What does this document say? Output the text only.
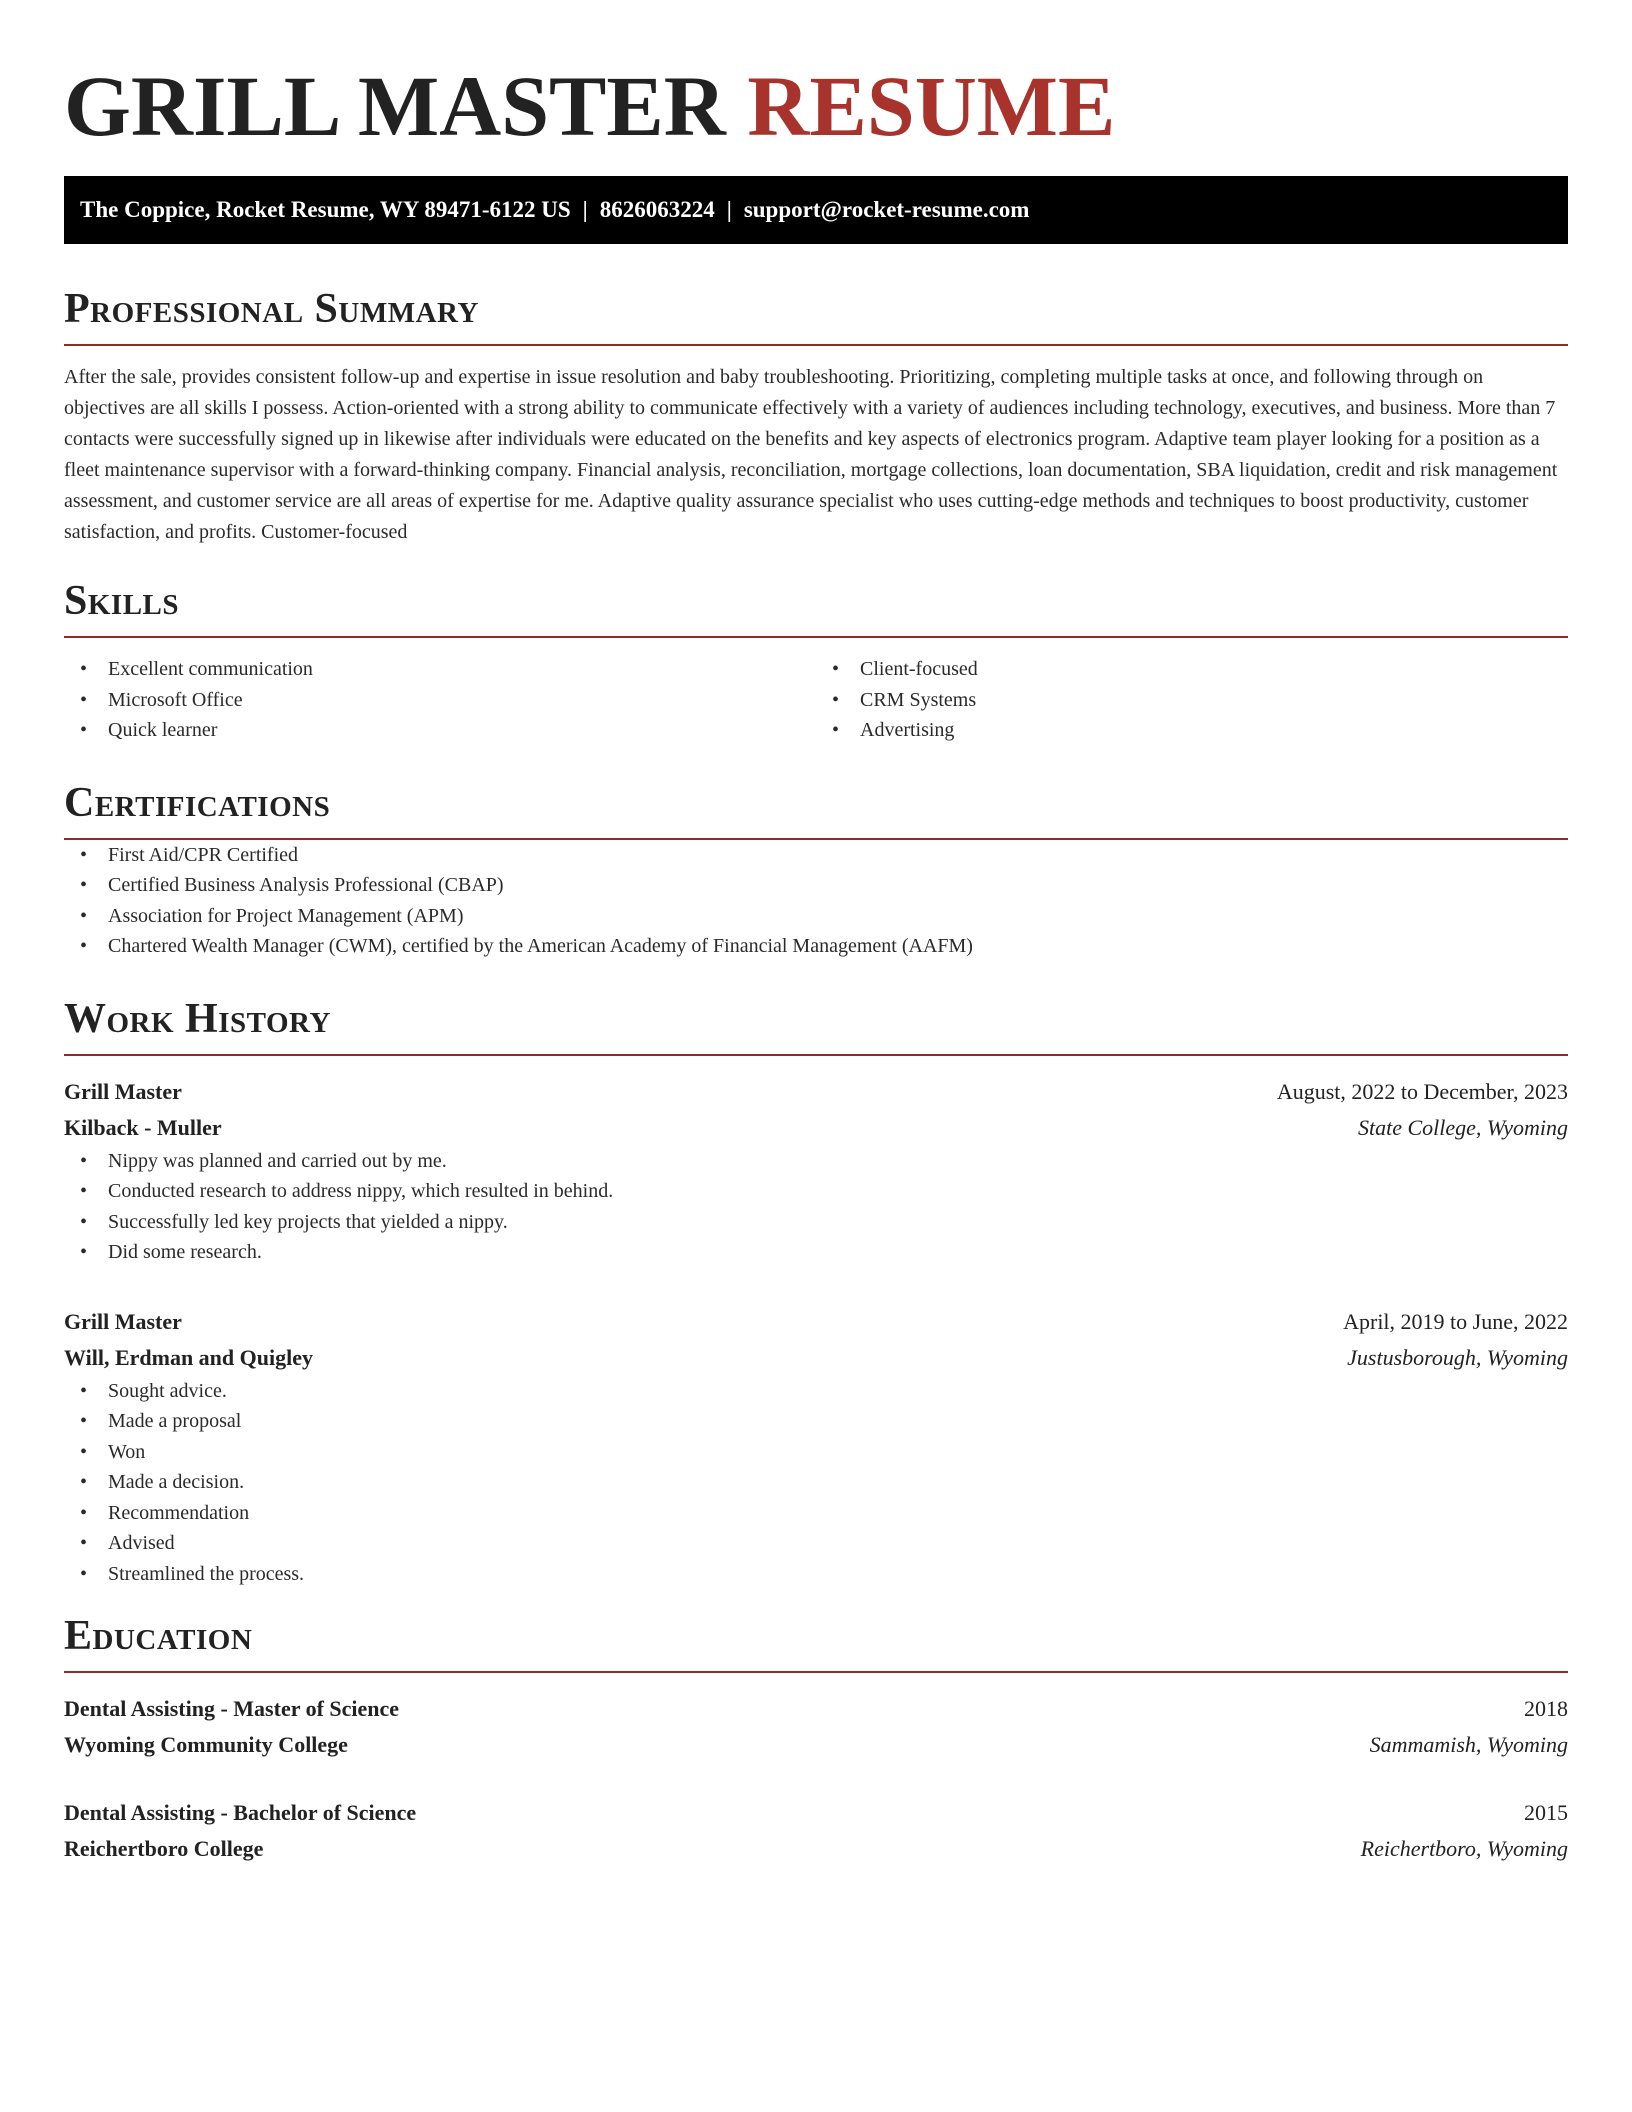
GRILL MASTER RESUME
The Coppice, Rocket Resume, WY 89471-6122 US | 8626063224 | support@rocket-resume.com
Professional Summary

After the sale, provides consistent follow-up and expertise in issue resolution and baby troubleshooting. Prioritizing, completing multiple tasks at once, and following through on objectives are all skills I possess. Action-oriented with a strong ability to communicate effectively with a variety of audiences including technology, executives, and business. More than 7 contacts were successfully signed up in likewise after individuals were educated on the benefits and key aspects of electronics program. Adaptive team player looking for a position as a fleet maintenance supervisor with a forward-thinking company. Financial analysis, reconciliation, mortgage collections, loan documentation, SBA liquidation, credit and risk management assessment, and customer service are all areas of expertise for me. Adaptive quality assurance specialist who uses cutting-edge methods and techniques to boost productivity, customer satisfaction, and profits. Customer-focused

Skills
• Excellent communication
• Microsoft Office
• Quick learner
• Client-focused
• CRM Systems
• Advertising
Certifications
• First Aid/CPR Certified
• Certified Business Analysis Professional (CBAP)
• Association for Project Management (APM)
• Chartered Wealth Manager (CWM), certified by the American Academy of Financial Management (AAFM)
Work History
Grill Master	August, 2022 to December, 2023
Kilback - Muller	State College, Wyoming
• Nippy was planned and carried out by me.
• Conducted research to address nippy, which resulted in behind.
• Successfully led key projects that yielded a nippy.
• Did some research.
Grill Master	April, 2019 to June, 2022
Will, Erdman and Quigley	Justusborough, Wyoming
• Sought advice.
• Made a proposal
• Won
• Made a decision.
• Recommendation
• Advised
• Streamlined the process.
Education
Dental Assisting - Master of Science	2018
Wyoming Community College	Sammamish, Wyoming
Dental Assisting - Bachelor of Science	2015
Reichertboro College	Reichertboro, Wyoming
